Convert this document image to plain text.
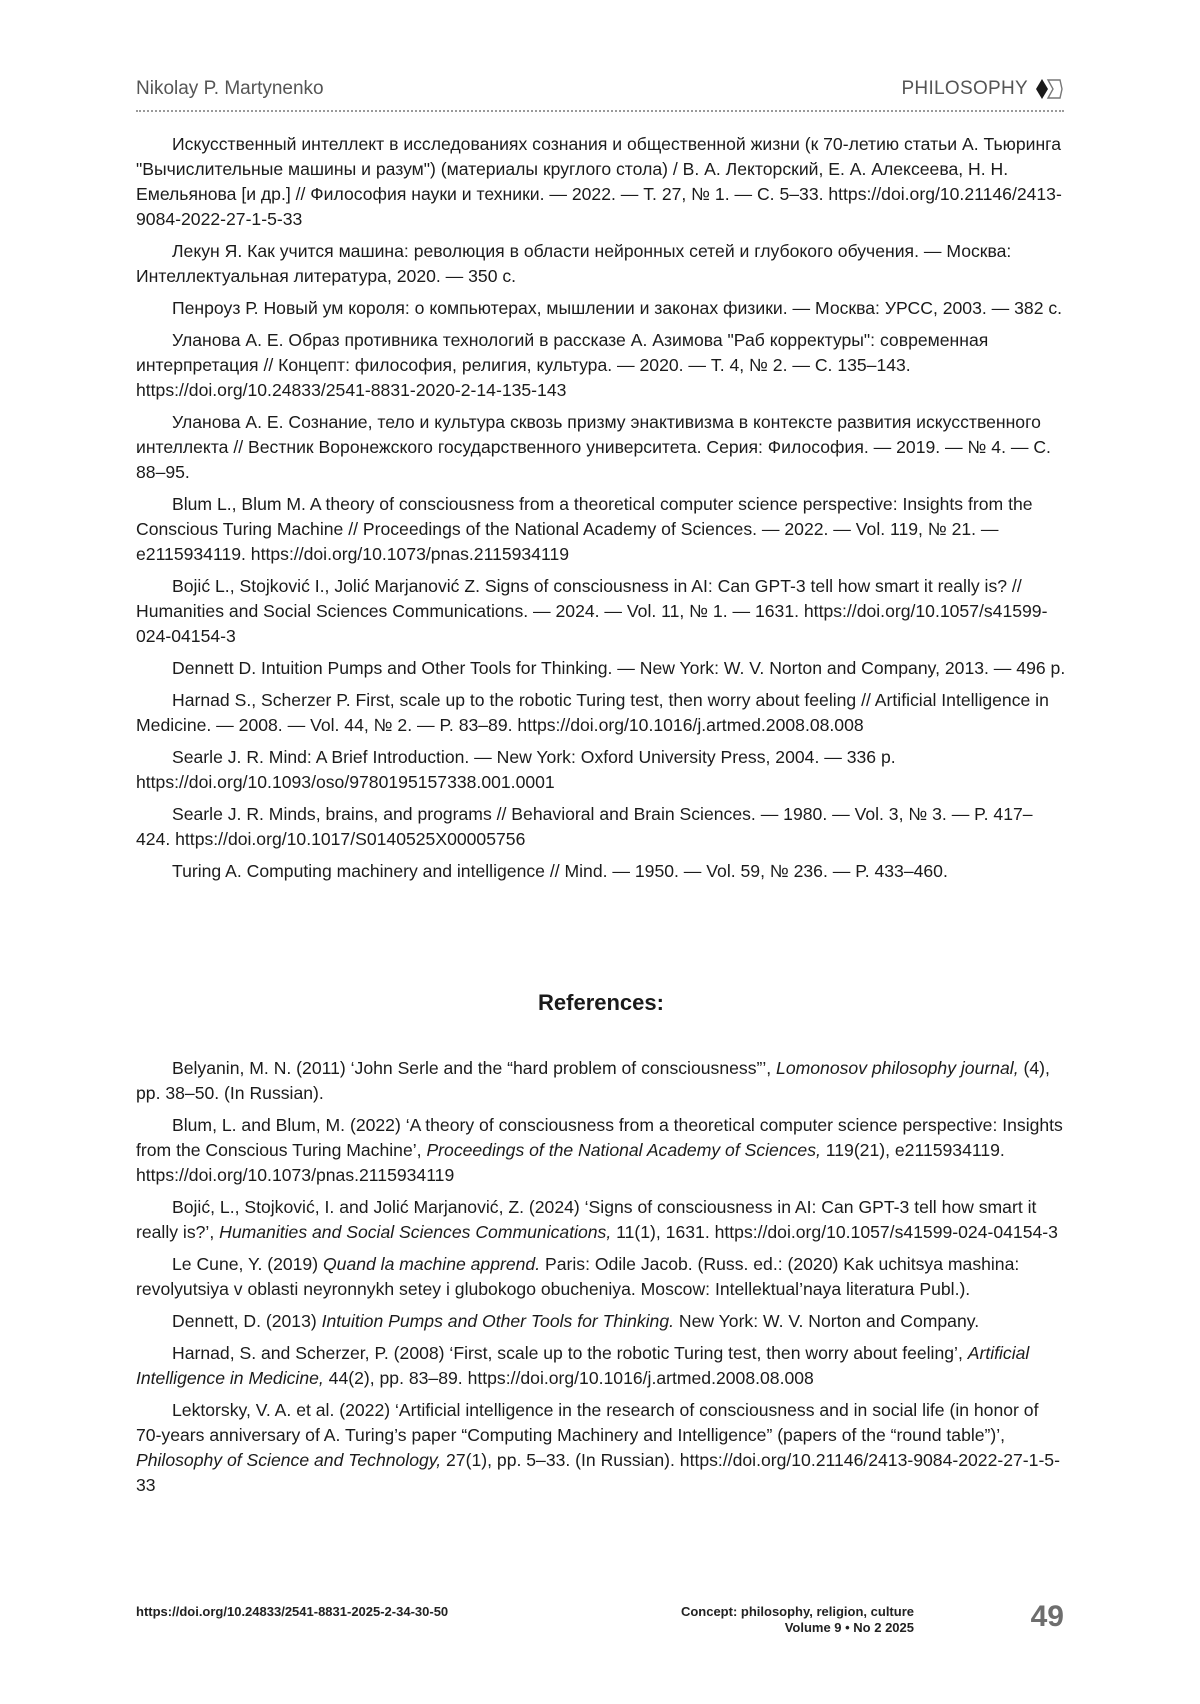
Nikolay P. Martynenko	PHILOSOPHY

Искусственный интеллект в исследованиях сознания и общественной жизни (к 70-летию статьи А. Тьюринга "Вычислительные машины и разум") (материалы круглого стола) / В. А. Лекторский, Е. А. Алексеева, Н. Н. Емельянова [и др.] // Философия науки и техники. — 2022. — Т. 27, № 1. — С. 5–33. https://doi.org/10.21146/2413-9084-2022-27-1-5-33

Лекун Я. Как учится машина: революция в области нейронных сетей и глубокого обучения. — Москва: Интеллектуальная литература, 2020. — 350 с.

Пенроуз Р. Новый ум короля: о компьютерах, мышлении и законах физики. — Москва: УРСС, 2003. — 382 с.

Уланова А. Е. Образ противника технологий в рассказе А. Азимова "Раб корректуры": современная интерпретация // Концепт: философия, религия, культура. — 2020. — Т. 4, № 2. — С. 135–143. https://doi.org/10.24833/2541-8831-2020-2-14-135-143

Уланова А. Е. Сознание, тело и культура сквозь призму энактивизма в контексте развития искусственного интеллекта // Вестник Воронежского государственного университета. Серия: Философия. — 2019. — № 4. — С. 88–95.

Blum L., Blum M. A theory of consciousness from a theoretical computer science perspective: Insights from the Conscious Turing Machine // Proceedings of the National Academy of Sciences. — 2022. — Vol. 119, № 21. — e2115934119. https://doi.org/10.1073/pnas.2115934119

Bojić L., Stojković I., Jolić Marjanović Z. Signs of consciousness in AI: Can GPT-3 tell how smart it really is? // Humanities and Social Sciences Communications. — 2024. — Vol. 11, № 1. — 1631. https://doi.org/10.1057/s41599-024-04154-3

Dennett D. Intuition Pumps and Other Tools for Thinking. — New York: W. V. Norton and Company, 2013. — 496 p.

Harnad S., Scherzer P. First, scale up to the robotic Turing test, then worry about feeling // Artificial Intelligence in Medicine. — 2008. — Vol. 44, № 2. — P. 83–89. https://doi.org/10.1016/j.artmed.2008.08.008

Searle J. R. Mind: A Brief Introduction. — New York: Oxford University Press, 2004. — 336 p. https://doi.org/10.1093/oso/9780195157338.001.0001

Searle J. R. Minds, brains, and programs // Behavioral and Brain Sciences. — 1980. — Vol. 3, № 3. — P. 417–424. https://doi.org/10.1017/S0140525X00005756

Turing A. Computing machinery and intelligence // Mind. — 1950. — Vol. 59, № 236. — P. 433–460.

References:

Belyanin, M. N. (2011) ‘John Serle and the “hard problem of consciousness”’, Lomonosov philosophy journal, (4), pp. 38–50. (In Russian).

Blum, L. and Blum, M. (2022) ‘A theory of consciousness from a theoretical computer science perspective: Insights from the Conscious Turing Machine’, Proceedings of the National Academy of Sciences, 119(21), e2115934119. https://doi.org/10.1073/pnas.2115934119

Bojić, L., Stojković, I. and Jolić Marjanović, Z. (2024) ‘Signs of consciousness in AI: Can GPT-3 tell how smart it really is?’, Humanities and Social Sciences Communications, 11(1), 1631. https://doi.org/10.1057/s41599-024-04154-3

Le Cune, Y. (2019) Quand la machine apprend. Paris: Odile Jacob. (Russ. ed.: (2020) Kak uchitsya mashina: revolyutsiya v oblasti neyronnykh setey i glubokogo obucheniya. Moscow: Intellektual’naya literatura Publ.).

Dennett, D. (2013) Intuition Pumps and Other Tools for Thinking. New York: W. V. Norton and Company.

Harnad, S. and Scherzer, P. (2008) ‘First, scale up to the robotic Turing test, then worry about feeling’, Artificial Intelligence in Medicine, 44(2), pp. 83–89. https://doi.org/10.1016/j.artmed.2008.08.008

Lektorsky, V. A. et al. (2022) ‘Artificial intelligence in the research of consciousness and in social life (in honor of 70-years anniversary of A. Turing’s paper “Computing Machinery and Intelligence” (papers of the “round table”)’, Philosophy of Science and Technology, 27(1), pp. 5–33. (In Russian). https://doi.org/10.21146/2413-9084-2022-27-1-5-33

https://doi.org/10.24833/2541-8831-2025-2-34-30-50	Concept: philosophy, religion, culture
Volume 9 • No 2 2025	49
